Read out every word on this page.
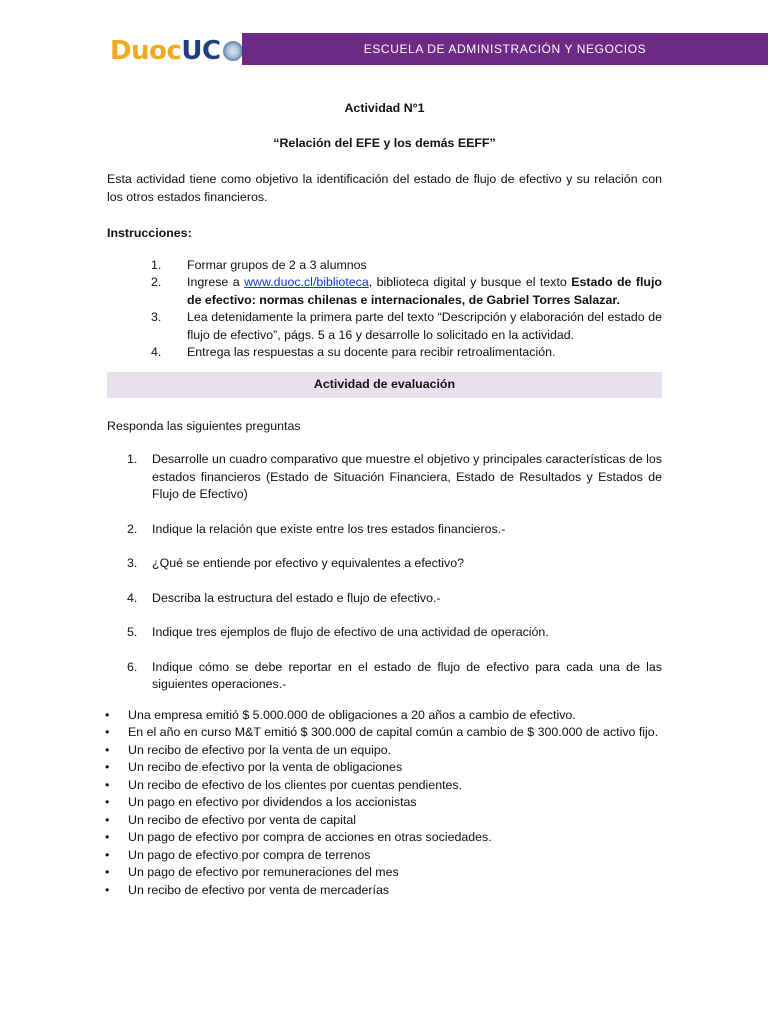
Duoc UC	ESCUELA DE ADMINISTRACIÓN Y NEGOCIOS

Actividad N°1

“Relación del EFE y los demás EEFF”

Esta actividad tiene como objetivo la identificación del estado de flujo de efectivo y su relación con los otros estados financieros.

Instrucciones:

1. Formar grupos de 2 a 3 alumnos
2. Ingrese a www.duoc.cl/biblioteca, biblioteca digital y busque el texto Estado de flujo de efectivo: normas chilenas e internacionales, de Gabriel Torres Salazar.
3. Lea detenidamente la primera parte del texto “Descripción y elaboración del estado de flujo de efectivo”, págs. 5 a 16 y desarrolle lo solicitado en la actividad.
4. Entrega las respuestas a su docente para recibir retroalimentación.
Actividad de evaluación

Responda las siguientes preguntas

1. Desarrolle un cuadro comparativo que muestre el objetivo y principales características de los estados financieros (Estado de Situación Financiera, Estado de Resultados y Estados de Flujo de Efectivo)
2. Indique la relación que existe entre los tres estados financieros.-
3. ¿Qué se entiende por efectivo y equivalentes a efectivo?
4. Describa la estructura del estado e flujo de efectivo.-
5. Indique tres ejemplos de flujo de efectivo de una actividad de operación.
6. Indique cómo se debe reportar en el estado de flujo de efectivo para cada una de las siguientes operaciones.-
• Una empresa emitió $ 5.000.000 de obligaciones a 20 años a cambio de efectivo.
• En el año en curso M&T emitió $ 300.000 de capital común a cambio de $ 300.000 de activo fijo.
• Un recibo de efectivo por la venta de un equipo.
• Un recibo de efectivo por la venta de obligaciones
• Un recibo de efectivo de los clientes por cuentas pendientes.
• Un pago en efectivo por dividendos a los accionistas
• Un recibo de efectivo por venta de capital
• Un pago de efectivo por compra de acciones en otras sociedades.
• Un pago de efectivo por compra de terrenos
• Un pago de efectivo por remuneraciones del mes
• Un recibo de efectivo por venta de mercaderías
